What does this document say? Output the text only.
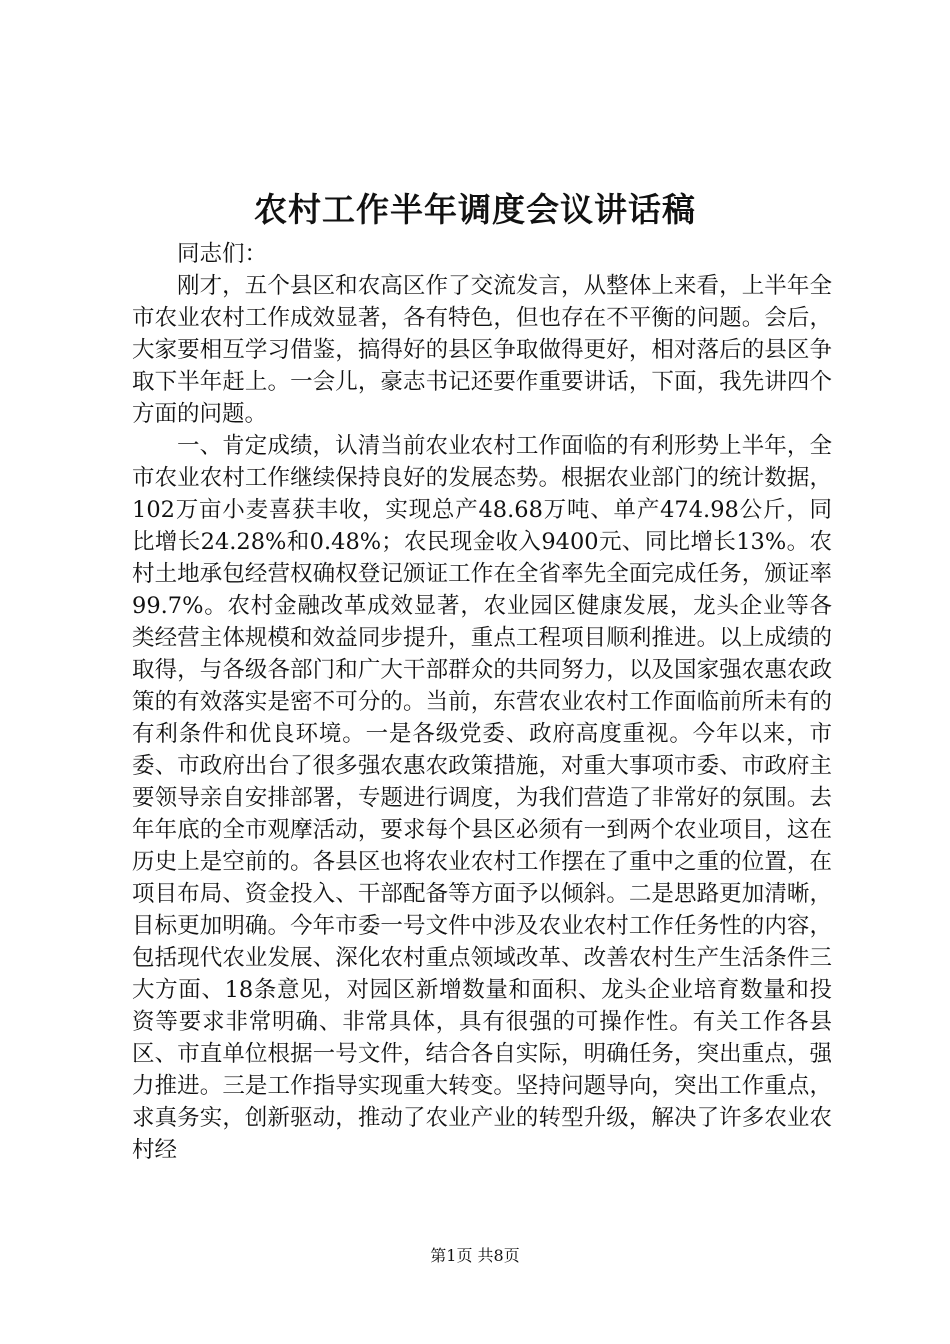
农村工作半年调度会议讲话稿

同志们：

刚才，五个县区和农高区作了交流发言，从整体上来看，上半年全市农业农村工作成效显著，各有特色，但也存在不平衡的问题。会后，大家要相互学习借鉴，搞得好的县区争取做得更好，相对落后的县区争取下半年赶上。一会儿，豪志书记还要作重要讲话，下面，我先讲四个方面的问题。

一、肯定成绩，认清当前农业农村工作面临的有利形势上半年，全市农业农村工作继续保持良好的发展态势。根据农业部门的统计数据，102万亩小麦喜获丰收，实现总产48.68万吨、单产474.98公斤，同比增长24.28%和0.48%；农民现金收入9400元、同比增长13%。农村土地承包经营权确权登记颁证工作在全省率先全面完成任务，颁证率99.7%。农村金融改革成效显著，农业园区健康发展，龙头企业等各类经营主体规模和效益同步提升，重点工程项目顺利推进。以上成绩的取得，与各级各部门和广大干部群众的共同努力，以及国家强农惠农政策的有效落实是密不可分的。当前，东营农业农村工作面临前所未有的有利条件和优良环境。一是各级党委、政府高度重视。今年以来，市委、市政府出台了很多强农惠农政策措施，对重大事项市委、市政府主要领导亲自安排部署，专题进行调度，为我们营造了非常好的氛围。去年年底的全市观摩活动，要求每个县区必须有一到两个农业项目，这在历史上是空前的。各县区也将农业农村工作摆在了重中之重的位置，在项目布局、资金投入、干部配备等方面予以倾斜。二是思路更加清晰，目标更加明确。今年市委一号文件中涉及农业农村工作任务性的内容，包括现代农业发展、深化农村重点领域改革、改善农村生产生活条件三大方面、18条意见，对园区新增数量和面积、龙头企业培育数量和投资等要求非常明确、非常具体，具有很强的可操作性。有关工作各县区、市直单位根据一号文件，结合各自实际，明确任务，突出重点，强力推进。三是工作指导实现重大转变。坚持问题导向，突出工作重点，求真务实，创新驱动，推动了农业产业的转型升级，解决了许多农业农村经

第1页 共8页
